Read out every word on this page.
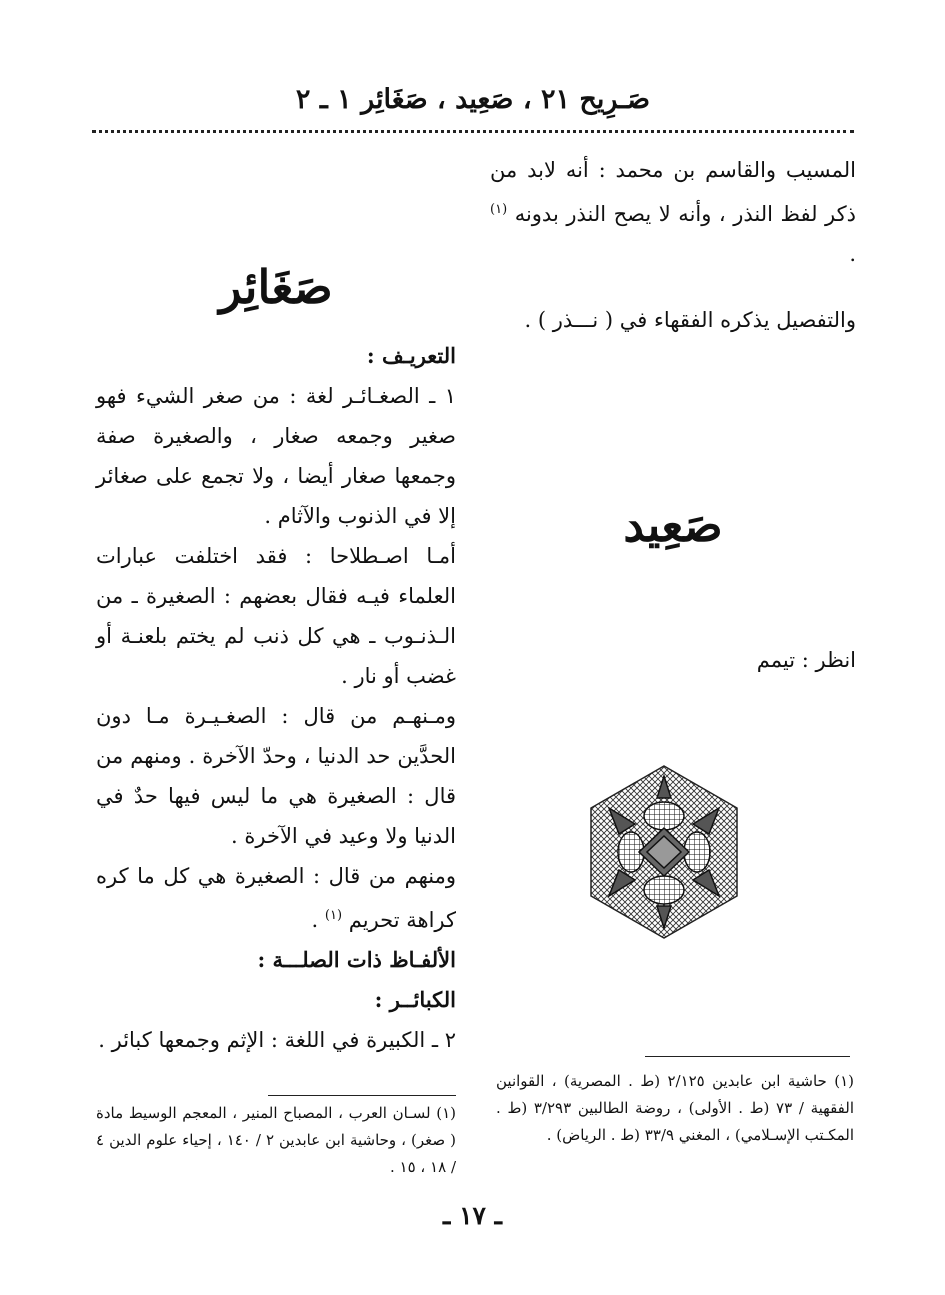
صَـرِيح ٢١ ، صَعِيد ، صَغَائِر ١ ـ ٢

المسيب والقاسم بن محمد : أنه لابد من ذكر لفظ النذر ، وأنه لا يصح النذر بدونه $^{(١)}$ .

والتفصيل يذكره الفقهاء في ( نـــذر ) .

صَعِيد

انظر : تيمم

صَغَائِر

التعريـف :

١ ـ الصغـائـر لغة : من صغر الشيء فهو صغير وجمعه صغار ، والصغيرة صفة وجمعها صغار أيضا ، ولا تجمع على صغائر إلا في الذنوب والآثام .

أمـا اصـطلاحا : فقد اختلفت عبارات العلماء فيـه فقال بعضهم : الصغيرة ـ من الـذنـوب ـ هي كل ذنب لم يختم بلعنـة أو غضب أو نار .

ومـنهـم من قال : الصغـيـرة مـا دون الحدَّين حد الدنيا ، وحدّ الآخرة . ومنهم من قال : الصغيرة هي ما ليس فيها حدٌ في الدنيا ولا وعيد في الآخرة .

ومنهم من قال : الصغيرة هي كل ما كره كراهة تحريم $^{(١)}$ .

الألفـاظ ذات الصلـــة :

الكبائــر :

٢ ـ الكبيرة في اللغة : الإثم وجمعها كبائر .

(١) حاشية ابن عابدين ٢/١٢٥ (ط . المصرية) ، القوانين الفقهية / ٧٣ (ط . الأولى) ، روضة الطالبين ٣/٢٩٣ (ط . المكـتب الإسـلامي) ، المغني ٣٣/٩ (ط . الرياض) .

(١) لسـان العرب ، المصباح المنير ، المعجم الوسيط مادة ( صغر) ، وحاشية ابن عابدين ٢ / ١٤٠ ، إحياء علوم الدين ٤ / ١٨ ، ١٥ .

ـ ١٧ ـ
